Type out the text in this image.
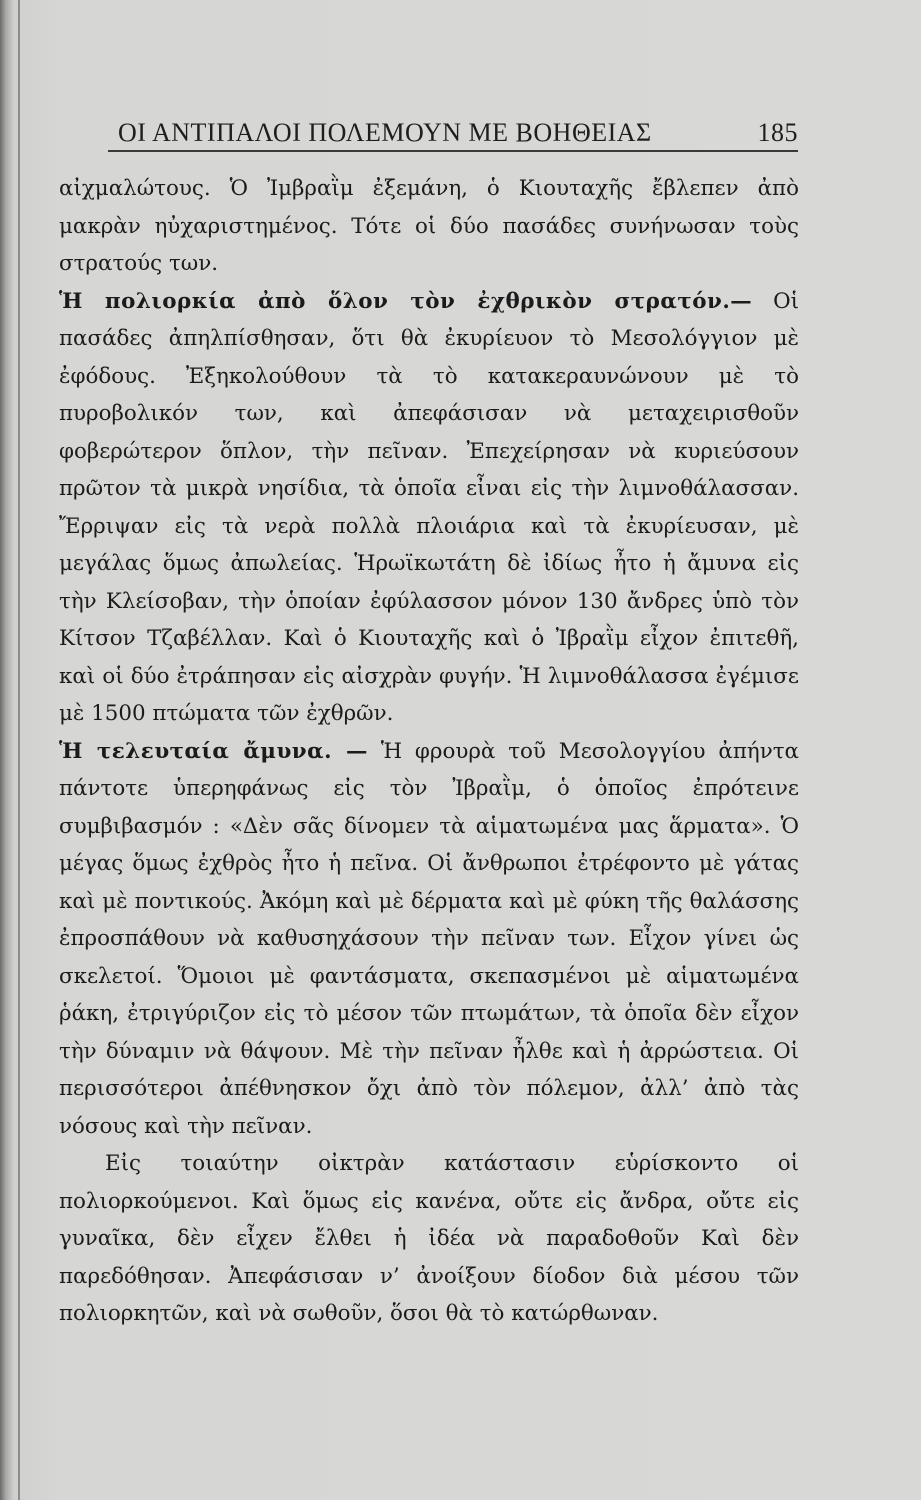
ΟΙ ΑΝΤΙΠΑΛΟΙ ΠΟΛΕΜΟΥΝ ΜΕ ΒΟΗΘΕΙΑΣ	185

αἰχμαλώτους. Ὁ Ἰμβραῒμ ἐξεμάνη, ὁ Κιουταχῆς ἔβλεπεν ἀπὸ μακρὰν ηὐχαριστημένος. Τότε οἱ δύο πασάδες συνήνωσαν τοὺς στρατούς των.

Ἡ πολιορκία ἀπὸ ὅλον τὸν ἐχθρικὸν στρατόν.— Οἱ πασάδες ἀπηλπίσθησαν, ὅτι θὰ ἐκυρίευον τὸ Μεσολόγγιον μὲ ἐφόδους. Ἐξηκολούθουν τὰ τὸ κατακεραυνώνουν μὲ τὸ πυροβολικόν των, καὶ ἀπεφάσισαν νὰ μεταχειρισθοῦν φοβερώτερον ὅπλον, τὴν πεῖναν. Ἐπεχείρησαν νὰ κυριεύσουν πρῶτον τὰ μικρὰ νησίδια, τὰ ὁποῖα εἶναι εἰς τὴν λιμνοθάλασσαν. Ἔρριψαν εἰς τὰ νερὰ πολλὰ πλοιάρια καὶ τὰ ἐκυρίευσαν, μὲ μεγάλας ὅμως ἀπωλείας. Ἡρωϊκωτάτη δὲ ἰδίως ἦτο ἡ ἄμυνα εἰς τὴν Κλείσοβαν, τὴν ὁποίαν ἐφύλασσον μόνον 130 ἄνδρες ὑπὸ τὸν Κίτσον Τζαβέλλαν. Καὶ ὁ Κιουταχῆς καὶ ὁ Ἰβραῒμ εἶχον ἐπιτεθῆ, καὶ οἱ δύο ἐτράπησαν εἰς αἰσχρὰν φυγήν. Ἡ λιμνοθάλασσα ἐγέμισε μὲ 1500 πτώματα τῶν ἐχθρῶν.

Ἡ τελευταία ἄμυνα. — Ἡ φρουρὰ τοῦ Μεσολογγίου ἀπήντα πάντοτε ὑπερηφάνως εἰς τὸν Ἰβραῒμ, ὁ ὁποῖος ἐπρότεινε συμβιβασμόν : «Δὲν σᾶς δίνομεν τὰ αἱματωμένα μας ἅρματα». Ὁ μέγας ὅμως ἐχθρὸς ἦτο ἡ πεῖνα. Οἱ ἄνθρωποι ἐτρέφοντο μὲ γάτας καὶ μὲ ποντικούς. Ἀκόμη καὶ μὲ δέρματα καὶ μὲ φύκη τῆς θαλάσσης ἐπροσπάθουν νὰ καθυσηχάσουν τὴν πεῖναν των. Εἶχον γίνει ὡς σκελετοί. Ὅμοιοι μὲ φαντάσματα, σκεπασμένοι μὲ αἱματωμένα ῥάκη, ἐτριγύριζον εἰς τὸ μέσον τῶν πτωμάτων, τὰ ὁποῖα δὲν εἶχον τὴν δύναμιν νὰ θάψουν. Μὲ τὴν πεῖναν ἦλθε καὶ ἡ ἀρρώστεια. Οἱ περισσότεροι ἀπέθνησκον ὄχι ἀπὸ τὸν πόλεμον, ἀλλ’ ἀπὸ τὰς νόσους καὶ τὴν πεῖναν.

Εἰς τοιαύτην οἰκτρὰν κατάστασιν εὑρίσκοντο οἱ πολιορκούμενοι. Καὶ ὅμως εἰς κανένα, οὔτε εἰς ἄνδρα, οὔτε εἰς γυναῖκα, δὲν εἶχεν ἔλθει ἡ ἰδέα νὰ παραδοθοῦν Καὶ δὲν παρεδόθησαν. Ἀπεφάσισαν ν’ ἀνοίξουν δίοδον διὰ μέσου τῶν πολιορκητῶν, καὶ νὰ σωθοῦν, ὅσοι θὰ τὸ κατώρθωναν.
